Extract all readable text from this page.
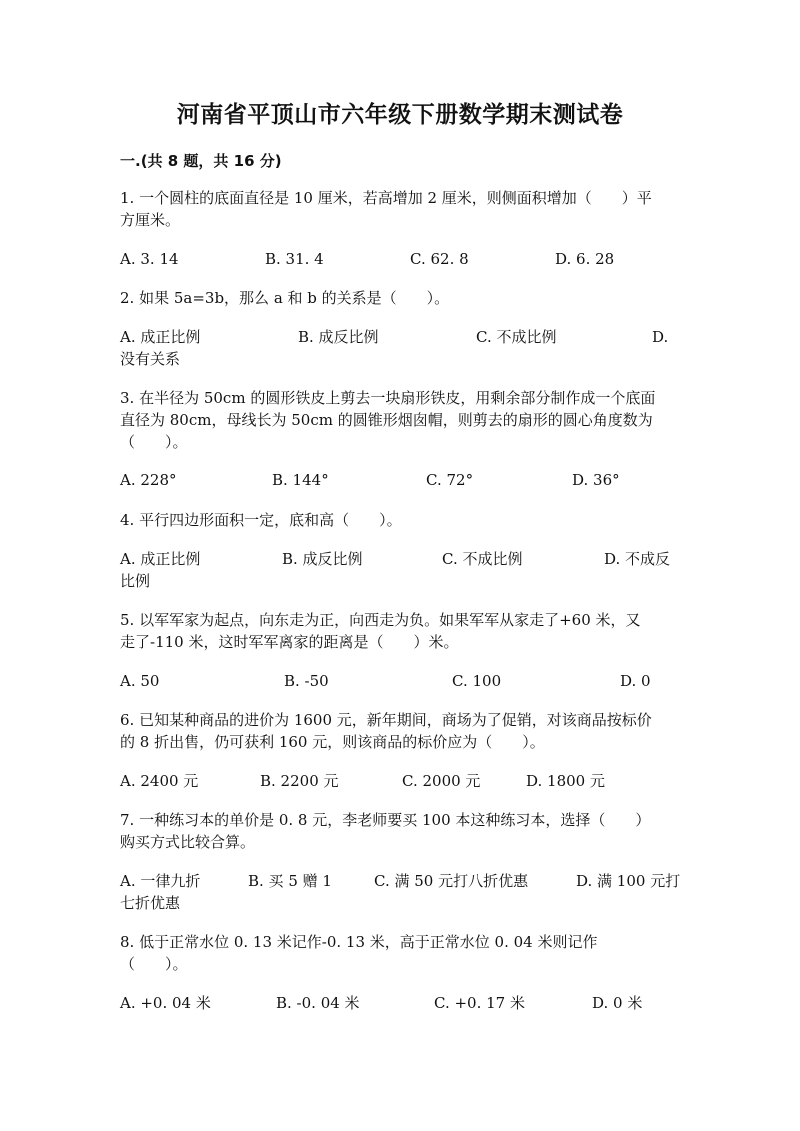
河南省平顶山市六年级下册数学期末测试卷
一.(共 8 题，共 16 分)
1. 一个圆柱的底面直径是 10 厘米，若高增加 2 厘米，则侧面积增加（　　）平
方厘米。
A. 3. 14	B. 31. 4	C. 62. 8	D. 6. 28
2. 如果 5a=3b，那么 a 和 b 的关系是（　　）。
A. 成正比例	B. 成反比例	C. 不成比例	D.
没有关系
3. 在半径为 50cm 的圆形铁皮上剪去一块扇形铁皮，用剩余部分制作成一个底面
直径为 80cm，母线长为 50cm 的圆锥形烟囱帽，则剪去的扇形的圆心角度数为
（　　）。
A. 228°	B. 144°	C. 72°	D. 36°
4. 平行四边形面积一定，底和高（　　）。
A. 成正比例	B. 成反比例	C. 不成比例	D. 不成反
比例
5. 以军军家为起点，向东走为正，向西走为负。如果军军从家走了+60 米，又
走了-110 米，这时军军离家的距离是（　　）米。
A. 50	B. -50	C. 100	D. 0
6. 已知某种商品的进价为 1600 元，新年期间，商场为了促销，对该商品按标价
的 8 折出售，仍可获利 160 元，则该商品的标价应为（　　）。
A. 2400 元	B. 2200 元	C. 2000 元	D. 1800 元
7. 一种练习本的单价是 0. 8 元，李老师要买 100 本这种练习本，选择（　　）
购买方式比较合算。
A. 一律九折	B. 买 5 赠 1	C. 满 50 元打八折优惠	D. 满 100 元打
七折优惠
8. 低于正常水位 0. 13 米记作-0. 13 米，高于正常水位 0. 04 米则记作
（　　）。
A. +0. 04 米	B. -0. 04 米	C. +0. 17 米	D. 0 米
